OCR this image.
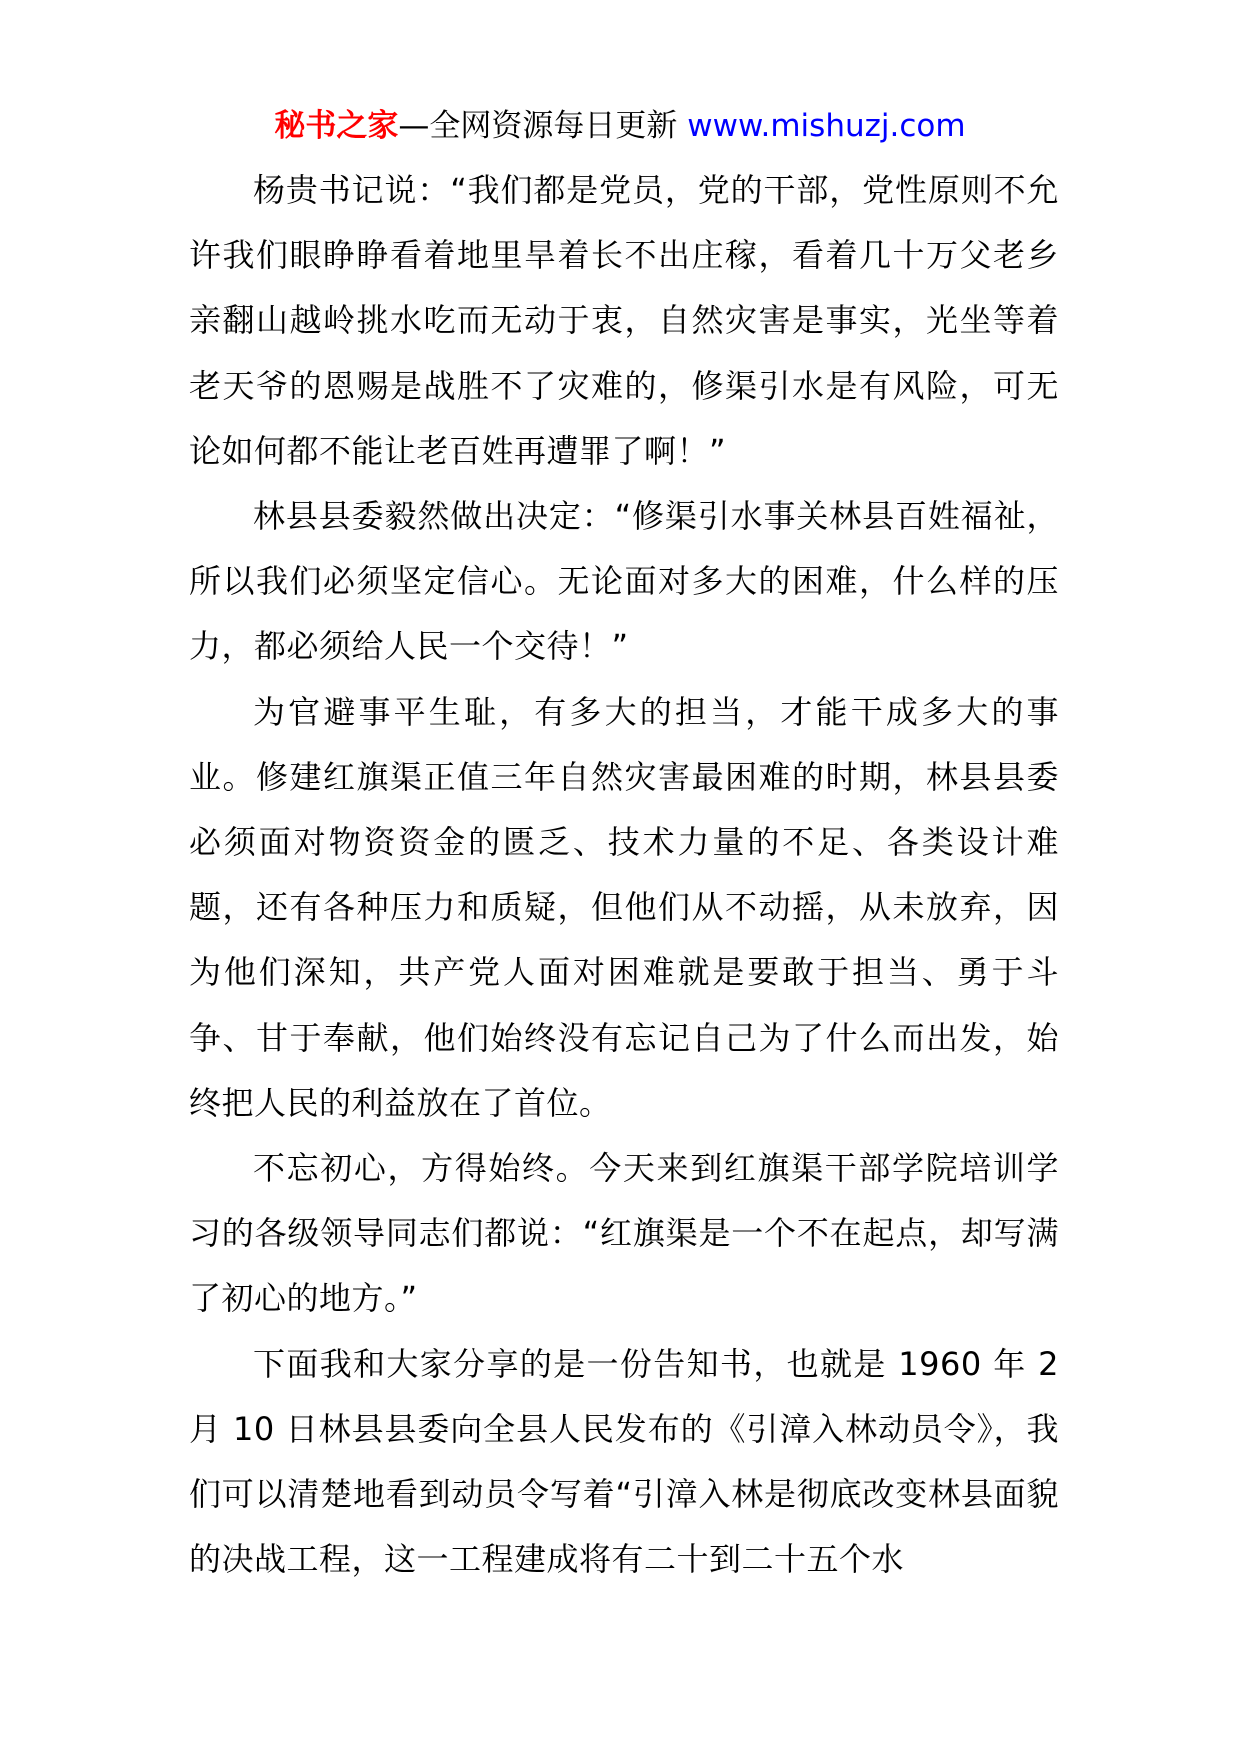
秘书之家—全网资源每日更新 www.mishuzj.com

杨贵书记说：“我们都是党员，党的干部，党性原则不允许我们眼睁睁看着地里旱着长不出庄稼，看着几十万父老乡亲翻山越岭挑水吃而无动于衷，自然灾害是事实，光坐等着老天爷的恩赐是战胜不了灾难的，修渠引水是有风险，可无论如何都不能让老百姓再遭罪了啊！”

林县县委毅然做出决定：“修渠引水事关林县百姓福祉，所以我们必须坚定信心。无论面对多大的困难，什么样的压力，都必须给人民一个交待！”

为官避事平生耻，有多大的担当，才能干成多大的事业。修建红旗渠正值三年自然灾害最困难的时期，林县县委必须面对物资资金的匮乏、技术力量的不足、各类设计难题，还有各种压力和质疑，但他们从不动摇，从未放弃，因为他们深知，共产党人面对困难就是要敢于担当、勇于斗争、甘于奉献，他们始终没有忘记自己为了什么而出发，始终把人民的利益放在了首位。

不忘初心，方得始终。今天来到红旗渠干部学院培训学习的各级领导同志们都说：“红旗渠是一个不在起点，却写满了初心的地方。”

下面我和大家分享的是一份告知书，也就是 1960 年 2 月 10 日林县县委向全县人民发布的《引漳入林动员令》，我们可以清楚地看到动员令写着“引漳入林是彻底改变林县面貌的决战工程，这一工程建成将有二十到二十五个水
